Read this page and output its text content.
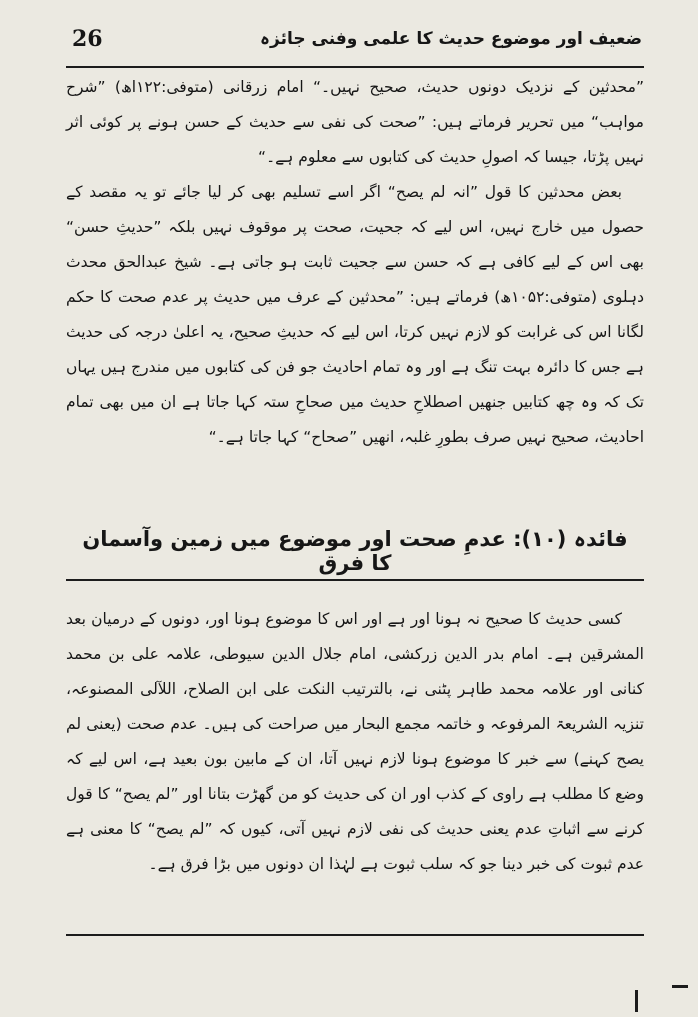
26	ضعیف اور موضوع حدیث کا علمی وفنی جائزہ

”محدثین کے نزدیک دونوں حدیث، صحیح نہیں۔“ امام زرقانی (متوفی:۱۲۲اھ) ”شرح مواہب“ میں تحریر فرماتے ہیں: ”صحت کی نفی سے حدیث کے حسن ہونے پر کوئی اثر نہیں پڑتا، جیسا کہ اصولِ حدیث کی کتابوں سے معلوم ہے۔“

بعض محدثین کا قول ”انہ لم یصح“ اگر اسے تسلیم بھی کر لیا جائے تو یہ مقصد کے حصول میں خارج نہیں، اس لیے کہ جحیت، صحت پر موقوف نہیں بلکہ ”حدیثِ حسن“ بھی اس کے لیے کافی ہے کہ حسن سے جحیت ثابت ہو جاتی ہے۔ شیخ عبدالحق محدث دہلوی (متوفی:۱۰۵۲ھ) فرماتے ہیں: ”محدثین کے عرف میں حدیث پر عدم صحت کا حکم لگانا اس کی غرابت کو لازم نہیں کرتا، اس لیے کہ حدیثِ صحیح، یہ اعلیٰ درجہ کی حدیث ہے جس کا دائرہ بہت تنگ ہے اور وہ تمام احادیث جو فن کی کتابوں میں مندرج ہیں یہاں تک کہ وہ چھ کتابیں جنھیں اصطلاحِ حدیث میں صحاحِ ستہ کہا جاتا ہے ان میں بھی تمام احادیث، صحیح نہیں صرف بطورِ غلبہ، انھیں ”صحاح“ کہا جاتا ہے۔“

فائدہ (۱۰): عدمِ صحت اور موضوع میں زمین وآسمان کا فرق

کسی حدیث کا صحیح نہ ہونا اور ہے اور اس کا موضوع ہونا اور، دونوں کے درمیان بعد المشرقین ہے۔ امام بدر الدین زرکشی، امام جلال الدین سیوطی، علامہ علی بن محمد کنانی اور علامہ محمد طاہر پٹنی نے، بالترتیب النکت علی ابن الصلاح، اللآلی المصنوعہ، تنزیہ الشریعۃ المرفوعہ و خاتمہ مجمع البحار میں صراحت کی ہیں۔ عدم صحت (یعنی لم یصح کہنے) سے خبر کا موضوع ہونا لازم نہیں آتا، ان کے مابین بون بعید ہے، اس لیے کہ وضع کا مطلب ہے راوی کے کذب اور ان کی حدیث کو من گھڑت بتانا اور ”لم یصح“ کا قول کرنے سے اثباتِ عدم یعنی حدیث کی نفی لازم نہیں آتی، کیوں کہ ”لم یصح“ کا معنی ہے عدم ثبوت کی خبر دینا جو کہ سلب ثبوت ہے لہٰذا ان دونوں میں بڑا فرق ہے۔
